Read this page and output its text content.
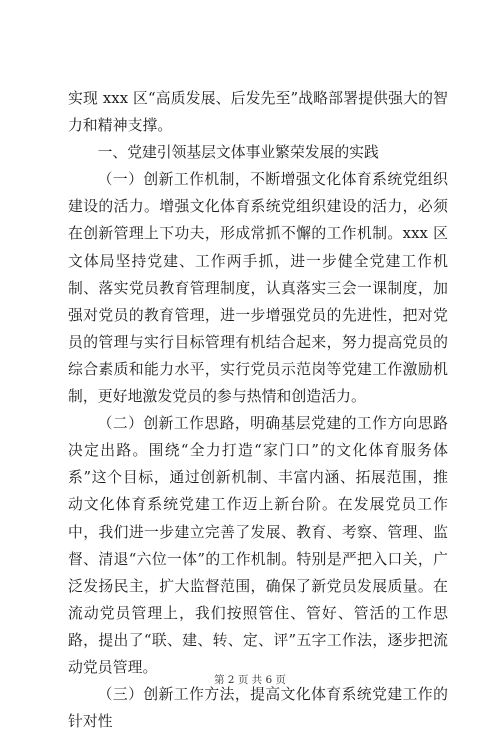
实现 xxx 区“高质发展、后发先至”战略部署提供强大的智力和精神支撑。

一、党建引领基层文体事业繁荣发展的实践

（一）创新工作机制，不断增强文化体育系统党组织建设的活力。增强文化体育系统党组织建设的活力，必须在创新管理上下功夫，形成常抓不懈的工作机制。xxx 区文体局坚持党建、工作两手抓，进一步健全党建工作机制、落实党员教育管理制度，认真落实三会一课制度，加强对党员的教育管理，进一步增强党员的先进性，把对党员的管理与实行目标管理有机结合起来，努力提高党员的综合素质和能力水平，实行党员示范岗等党建工作激励机制，更好地激发党员的参与热情和创造活力。

（二）创新工作思路，明确基层党建的工作方向思路决定出路。围绕“全力打造“家门口”的文化体育服务体系”这个目标，通过创新机制、丰富内涵、拓展范围，推动文化体育系统党建工作迈上新台阶。在发展党员工作中，我们进一步建立完善了发展、教育、考察、管理、监督、清退“六位一体”的工作机制。特别是严把入口关，广泛发扬民主，扩大监督范围，确保了新党员发展质量。在流动党员管理上，我们按照管住、管好、管活的工作思路，提出了“联、建、转、定、评”五字工作法，逐步把流动党员管理。

（三）创新工作方法，提高文化体育系统党建工作的针对性

第 2 页 共 6 页
